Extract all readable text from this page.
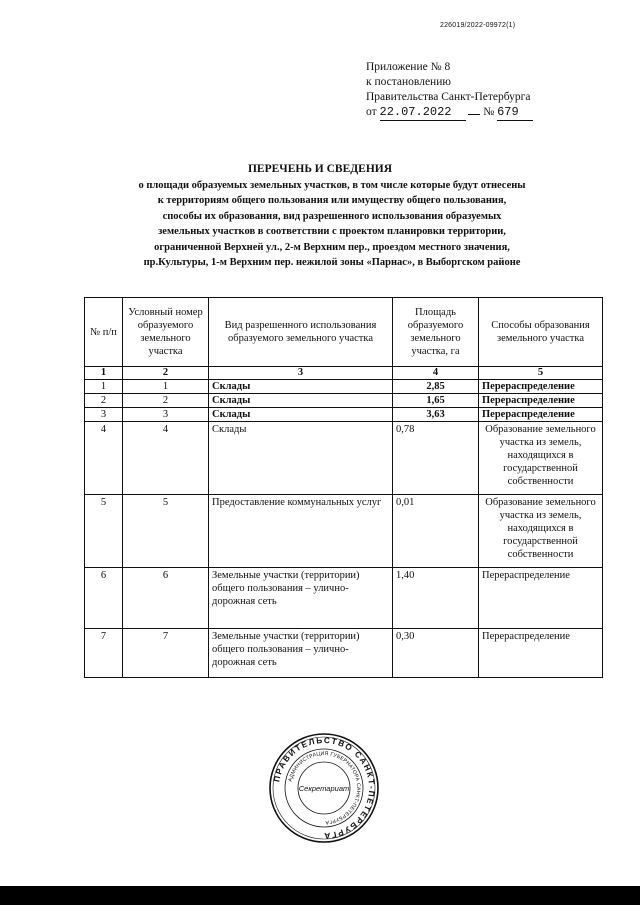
226019/2022-09972(1)
Приложение № 8
к постановлению
Правительства Санкт-Петербурга
от 22.07.2022	№ 679
ПЕРЕЧЕНЬ И СВЕДЕНИЯ
о площади образуемых земельных участков, в том числе которые будут отнесены
к территориям общего пользования или имуществу общего пользования,
способы их образования, вид разрешенного использования образуемых
земельных участков в соответствии с проектом планировки территории,
ограниченной Верхней ул., 2-м Верхним пер., проездом местного значения,
пр.Культуры, 1-м Верхним пер. нежилой зоны «Парнас», в Выборгском районе
№ п/п	Условный номер образуемого земельного участка	Вид разрешенного использования образуемого земельного участка	Площадь образуемого земельного участка, га	Способы образования земельного участка
1	2	3	4	5
1	1	Склады	2,85	Перераспределение
2	2	Склады	1,65	Перераспределение
3	3	Склады	3,63	Перераспределение
4	4	Склады	0,78	Образование земельного участка из земель, находящихся в государственной собственности
5	5	Предоставление коммунальных услуг	0,01	Образование земельного участка из земель, находящихся в государственной собственности
6	6	Земельные участки (территории) общего пользования – улично-дорожная сеть	1,40	Перераспределение
7	7	Земельные участки (территории) общего пользования – улично-дорожная сеть	0,30	Перераспределение
ПРАВИТЕЛЬСТВО САНКТ-ПЕТЕРБУРГА
АДМИНИСТРАЦИЯ ГУБЕРНАТОРА САНКТ-ПЕТЕРБУРГА
Секретариат
